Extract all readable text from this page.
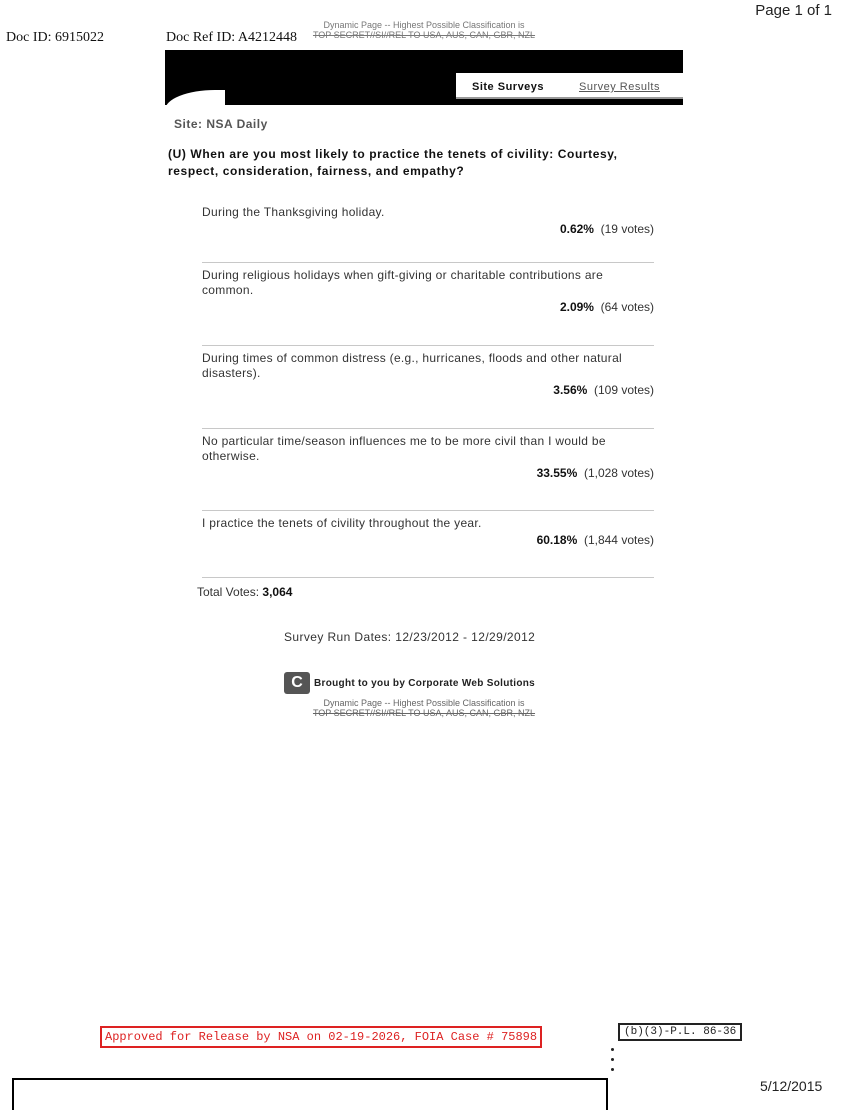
Page 1 of 1
Doc ID: 6915022	Doc Ref ID: A4212448
Dynamic Page -- Highest Possible Classification is
TOP SECRET//SI//REL TO USA, AUS, CAN, GBR, NZL
Site Surveys	Survey Results
Site: NSA Daily
(U) When are you most likely to practice the tenets of civility: Courtesy, respect, consideration, fairness, and empathy?
During the Thanksgiving holiday.
0.62% (19 votes)
During religious holidays when gift-giving or charitable contributions are common.
2.09% (64 votes)
During times of common distress (e.g., hurricanes, floods and other natural disasters).
3.56% (109 votes)
No particular time/season influences me to be more civil than I would be otherwise.
33.55% (1,028 votes)
I practice the tenets of civility throughout the year.
60.18% (1,844 votes)
Total Votes: 3,064
Survey Run Dates: 12/23/2012 - 12/29/2012
C Brought to you by Corporate Web Solutions
Dynamic Page -- Highest Possible Classification is
TOP SECRET//SI//REL TO USA, AUS, CAN, GBR, NZL
Approved for Release by NSA on 02-19-2026, FOIA Case # 75898	(b)(3)-P.L. 86-36
5/12/2015
